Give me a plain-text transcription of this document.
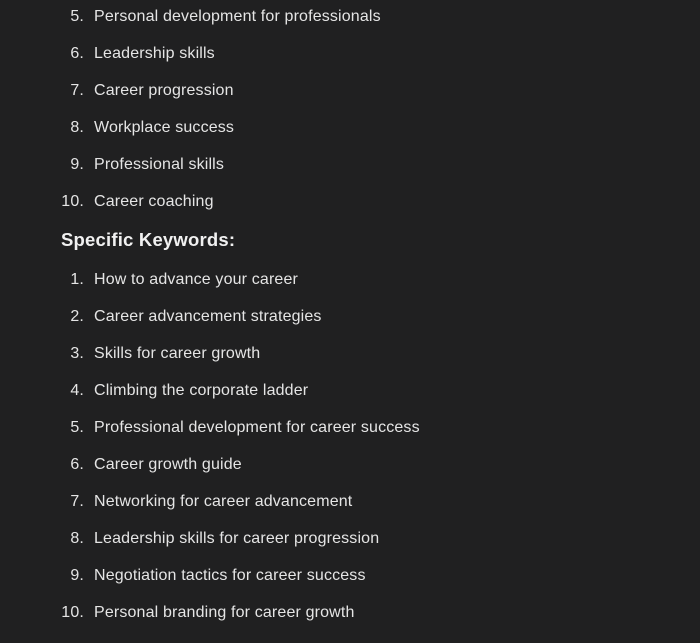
5. Personal development for professionals
6. Leadership skills
7. Career progression
8. Workplace success
9. Professional skills
10. Career coaching
Specific Keywords:
1. How to advance your career
2. Career advancement strategies
3. Skills for career growth
4. Climbing the corporate ladder
5. Professional development for career success
6. Career growth guide
7. Networking for career advancement
8. Leadership skills for career progression
9. Negotiation tactics for career success
10. Personal branding for career growth
